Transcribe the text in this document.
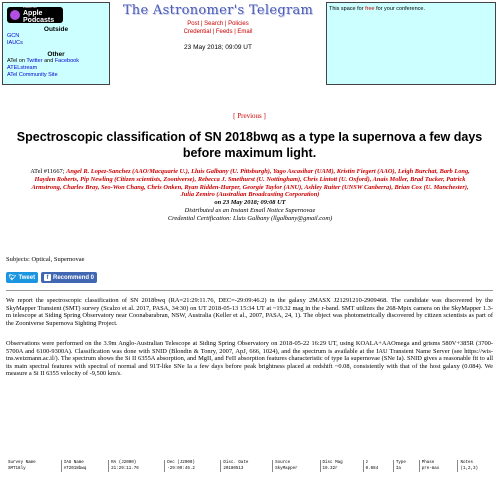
Listen on
Apple Podcasts
Outside
GCN
IAUCs
Other
ATel on Twitter and Facebook
ATELstream
ATel Community Site
The Astronomer's Telegram
Post | Search | Policies
Credential | Feeds | Email
23 May 2018; 09:09 UT
This space for free for your conference.
[ Previous ]
Spectroscopic classification of SN 2018bwq as a type Ia supernova a few days before maximum light.
ATel #11667; Angel R. Lopez-Sanchez (AAO/Macquarie U.), Lluis Galbany (U. Pittsburgh), Yago Ascasibar (UAM), Kristin Fiegert (AAO), Leigh Burchat, Barb Long, Hayden Roberts, Pip Newling (Citizen scientists, Zooniverse), Rebecca J. Smethurst (U. Nottingham), Chris Lintott (U. Oxford), Anais Moller, Brad Tucker, Patrick Armstrong, Charles Bray, Seo-Won Chang, Chris Onken, Ryan Ridden-Harper, Georgie Taylor (ANU), Ashley Ruiter (UNSW Canberra), Brian Cox (U. Manchester), Julia Zemiro (Australian Broadcasting Corporation)
on 23 May 2018; 09:08 UT
Distributed as an Instant Email Notice Supernovae
Credential Certification: Lluis Galbany (llgalbany@gmail.com)
Subjects: Optical, Supernovae
🐦︎ Tweet	f Recommend 0
We report the spectroscopic classification of SN 2018bwq (RA=21:29:11.76, DEC=-29:09:46.2) in the galaxy 2MASX J21291210-2909468. The candidate was discovered by the SkyMapper Transient (SMT) survey (Scalzo et al. 2017, PASA, 34:30) on UT 2018-05-13 15:34 UT at ~19.32 mag in the r-band. SMT utilizes the 268-Mpix camera on the SkyMapper 1.3-m telescope at Siding Spring Observatory near Coonabarabran, NSW, Australia (Keller et al., 2007, PASA, 24, 1). The object was photometrically discovered by citizen scientists as part of the Zooniverse Supernova Sighting Project.
Observations were performed on the 3.9m Anglo-Australian Telescope at Siding Spring Observatory on 2018-05-22 16:29 UT, using KOALA+AAOmega and grisms 580V+385R (3700-5700A and 6100-9300A). Classification was done with SNID (Blondin & Tonry, 2007, ApJ, 666, 1024), and the spectrum is available at the IAU Transient Name Server (see https://wis-tns.weizmann.ac.il/). The spectrum shows the Si II 6355A absorption, and MgII, and FeII absorption features characteristic of type Ia supernovae (SNe Ia). SNID gives a reasonable fit to all its main spectral features with spectral of normal and 91T-like SNe Ia a few days before peak brightness placed at redshift ~0.08, consistently with that of the host galaxy (0.084). We measure a Si II 6355 velocity of -9,500 km/s.
Survey Name	IAU Name	RA (J2000)	Dec (J2000)	Disc. Date	Source	Disc Mag	z	Type	Phase	Notes
SMT18ly	AT2018bwq	21:29:11.76	-29:09:46.2	20180513	SkyMapper	19.32r	0.084	Ia	pre-max	(1,2,3)
